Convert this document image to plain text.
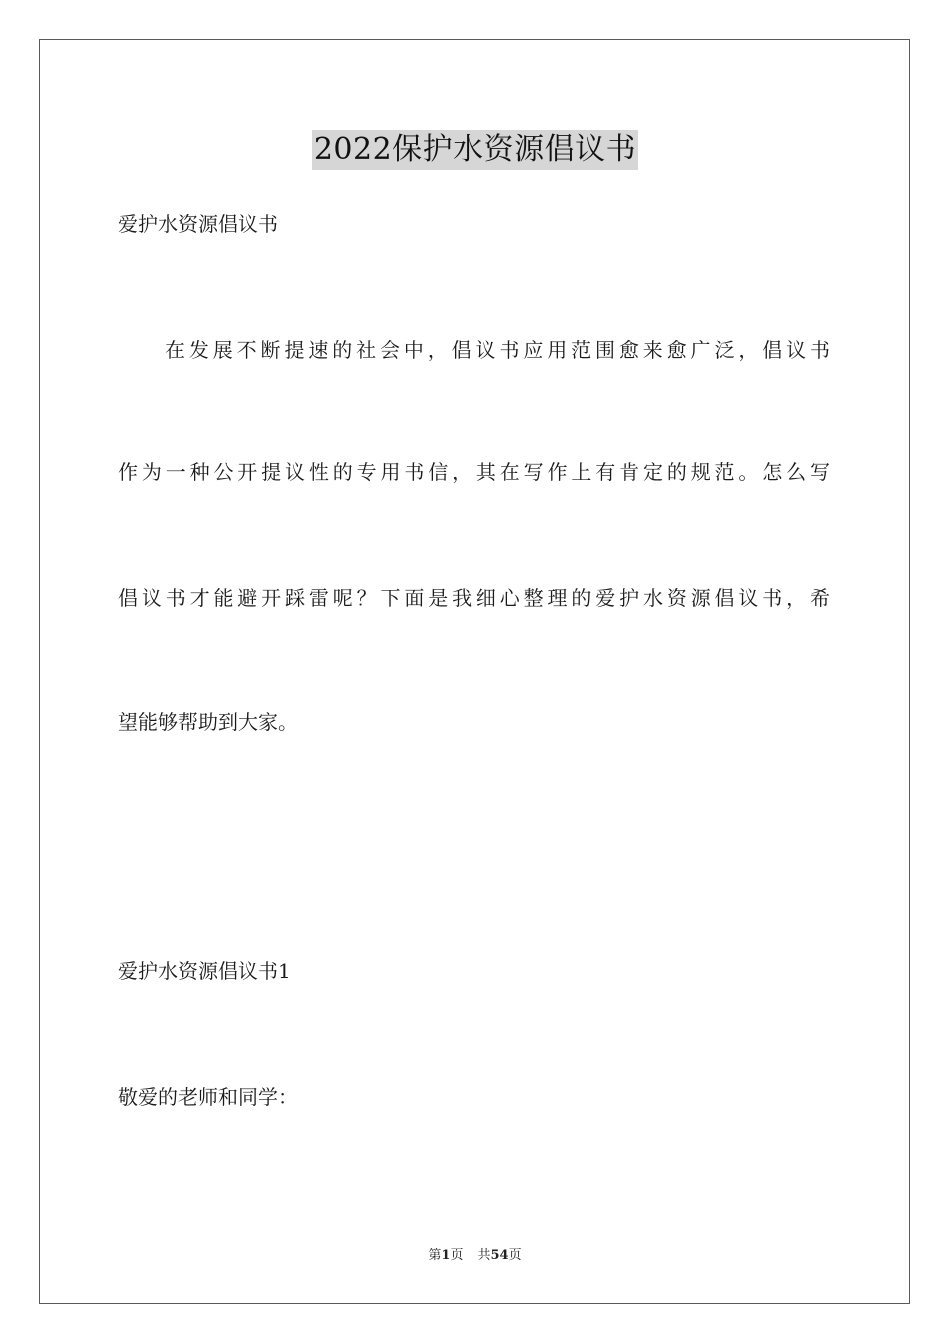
2022保护水资源倡议书

爱护水资源倡议书

在发展不断提速的社会中，倡议书应用范围愈来愈广泛，倡议书

作为一种公开提议性的专用书信，其在写作上有肯定的规范。怎么写

倡议书才能避开踩雷呢？下面是我细心整理的爱护水资源倡议书，希

望能够帮助到大家。

爱护水资源倡议书1

敬爱的老师和同学：

第1页 共54页
